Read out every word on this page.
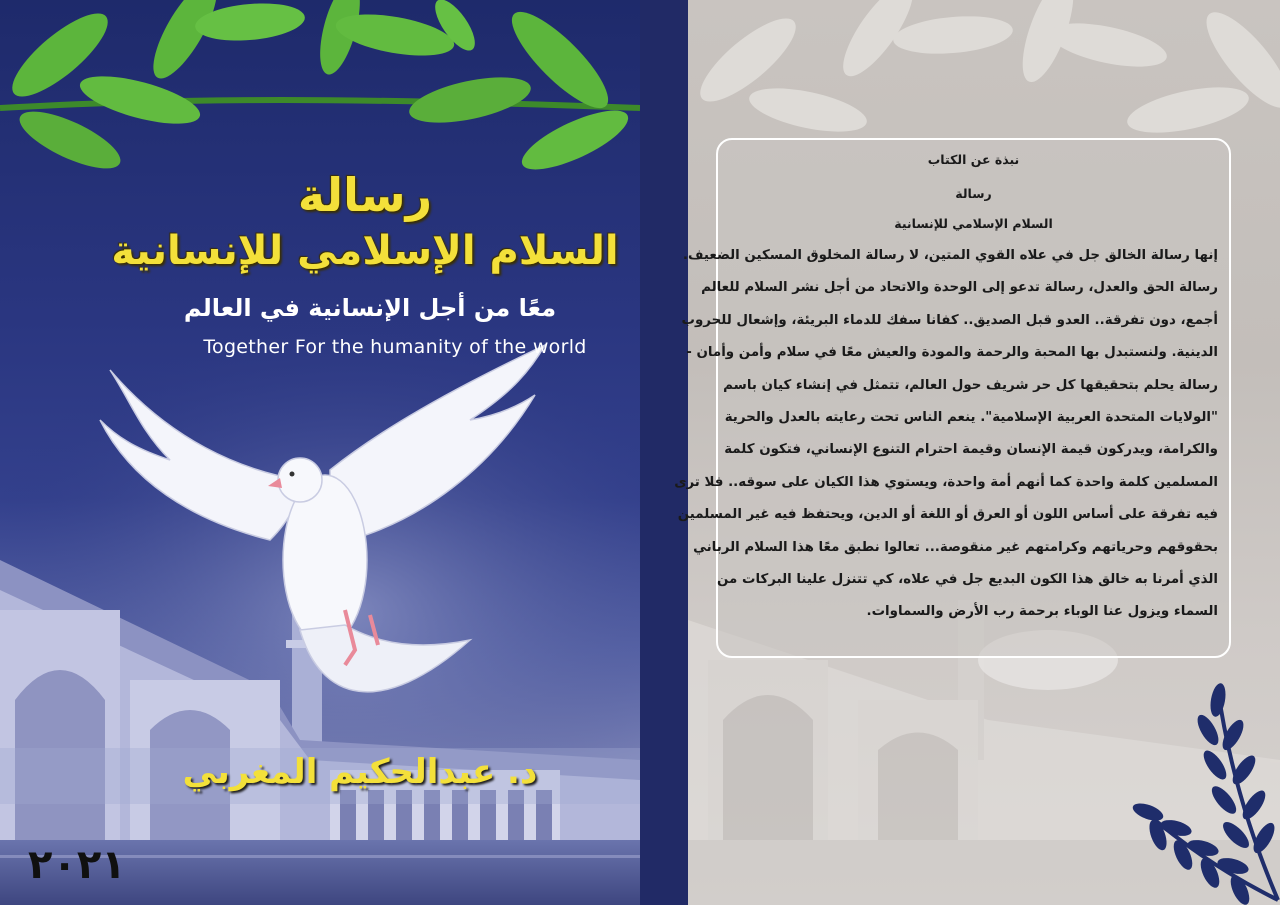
رسالة
السلام الإسلامي للإنسانية
معًا من أجل الإنسانية في العالم
Together For the humanity of the world
د. عبدالحكيم المغربي
٢٠٢١
نبذة عن الكتاب
رسالة
السلام الإسلامي للإنسانية
إنها رسالة الخالق جل في علاه القوي المتين، لا رسالة المخلوق المسكين الضعيف.
رسالة الحق والعدل، رسالة تدعو إلى الوحدة والاتحاد من أجل نشر السلام للعالم
أجمع، دون تفرقة.. العدو قبل الصديق.. كفانا سفك للدماء البريئة، وإشعال للحروب
الدينية. ولنستبدل بها المحبة والرحمة والمودة والعيش معًا في سلام وأمن وأمان -
رسالة يحلم بتحقيقها كل حر شريف حول العالم، تتمثل في إنشاء كيان باسم
"الولايات المتحدة العربية الإسلامية". ينعم الناس تحت رعايته بالعدل والحرية
والكرامة، ويدركون قيمة الإنسان وقيمة احترام التنوع الإنساني، فتكون كلمة
المسلمين كلمة واحدة كما أنهم أمة واحدة، ويستوي هذا الكيان على سوقه.. فلا ترى
فيه تفرقة على أساس اللون أو العرق أو اللغة أو الدين، ويحتفظ فيه غير المسلمين
بحقوقهم وحرياتهم وكرامتهم غير منقوصة... تعالوا نطبق معًا هذا السلام الرباني
الذي أمرنا به خالق هذا الكون البديع جل في علاه، كي تتنزل علينا البركات من
السماء ويزول عنا الوباء برحمة رب الأرض والسماوات.
